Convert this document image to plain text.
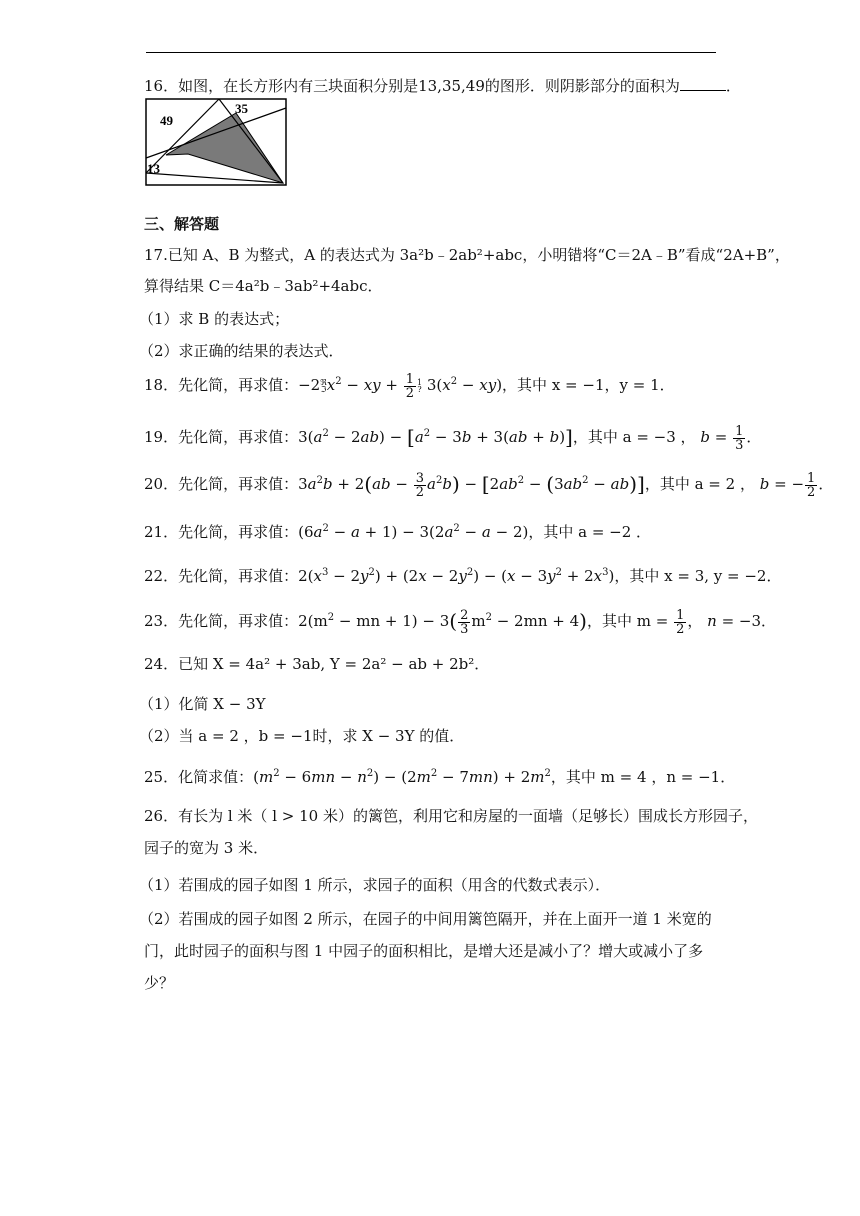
16．如图，在长方形内有三块面积分别是13,35,49的图形．则阴影部分的面积为	．
49
35
13
三、解答题
17.已知 A、B 为整式，A 的表达式为 3a²b﹣2ab²+abc，小明错将“C＝2A﹣B”看成“2A+B”，
算得结果 C＝4a²b﹣3ab²+4abc．
（1）求 B 的表达式；
（2）求正确的结果的表达式．
18．先化简，再求值：−2ℜ
ℑx$^2$ − xy + $\frac{1}{2} 1$
? $3(x^2 - xy)$，其中 x = −1，y = 1．
19．先化简，再求值：$3(a^2 - 2ab) - [a^2 - 3b + 3(ab + b)]$，其中 a = −3 ， $b = \frac{1}{3}$ ．
20．先化简，再求值：$3a^2b + 2(ab - \frac{3}{2} a^2b) - [2ab^2 - (3ab^2 - ab)]$，其中 a = 2 ， b = − $\frac{1}{2}$ ．
21．先化简，再求值：$(6a^2 - a + 1) - 3(2a^2 - a - 2)$，其中 a = −2 ．
22．先化简，再求值：$2(x^3 - 2y^2) + (2x - 2y^2) - (x - 3y^2 + 2x^3)$，其中 x = 3, y = −2．
23．先化简，再求值：$2(m^2$ − mn + $1) - 3( \frac{2}{3} m^2 - 2mn + 4)$，其中 $m = \frac{1}{2}$ ， n = −3．
24．已知 X = 4a² + 3ab, Y = 2a² − ab + 2b²．
（1）化简 X − 3Y
（2）当 a = 2 ，b = −1时，求 X − 3Y 的值．
25．化简求值：$(m^2 - 6mn - n^2) - (2m^2 - 7mn) + 2m^2$，其中 m = 4 ，n = −1．
26．有长为 l 米（ l > 10 米）的篱笆，利用它和房屋的一面墙（足够长）围成长方形园子，
园子的宽为 3 米．
（1）若围成的园子如图 1 所示，求园子的面积（用含的代数式表示）．
（2）若围成的园子如图 2 所示，在园子的中间用篱笆隔开，并在上面开一道 1 米宽的
门，此时园子的面积与图 1 中园子的面积相比，是增大还是减小了？增大或减小了多
少？
